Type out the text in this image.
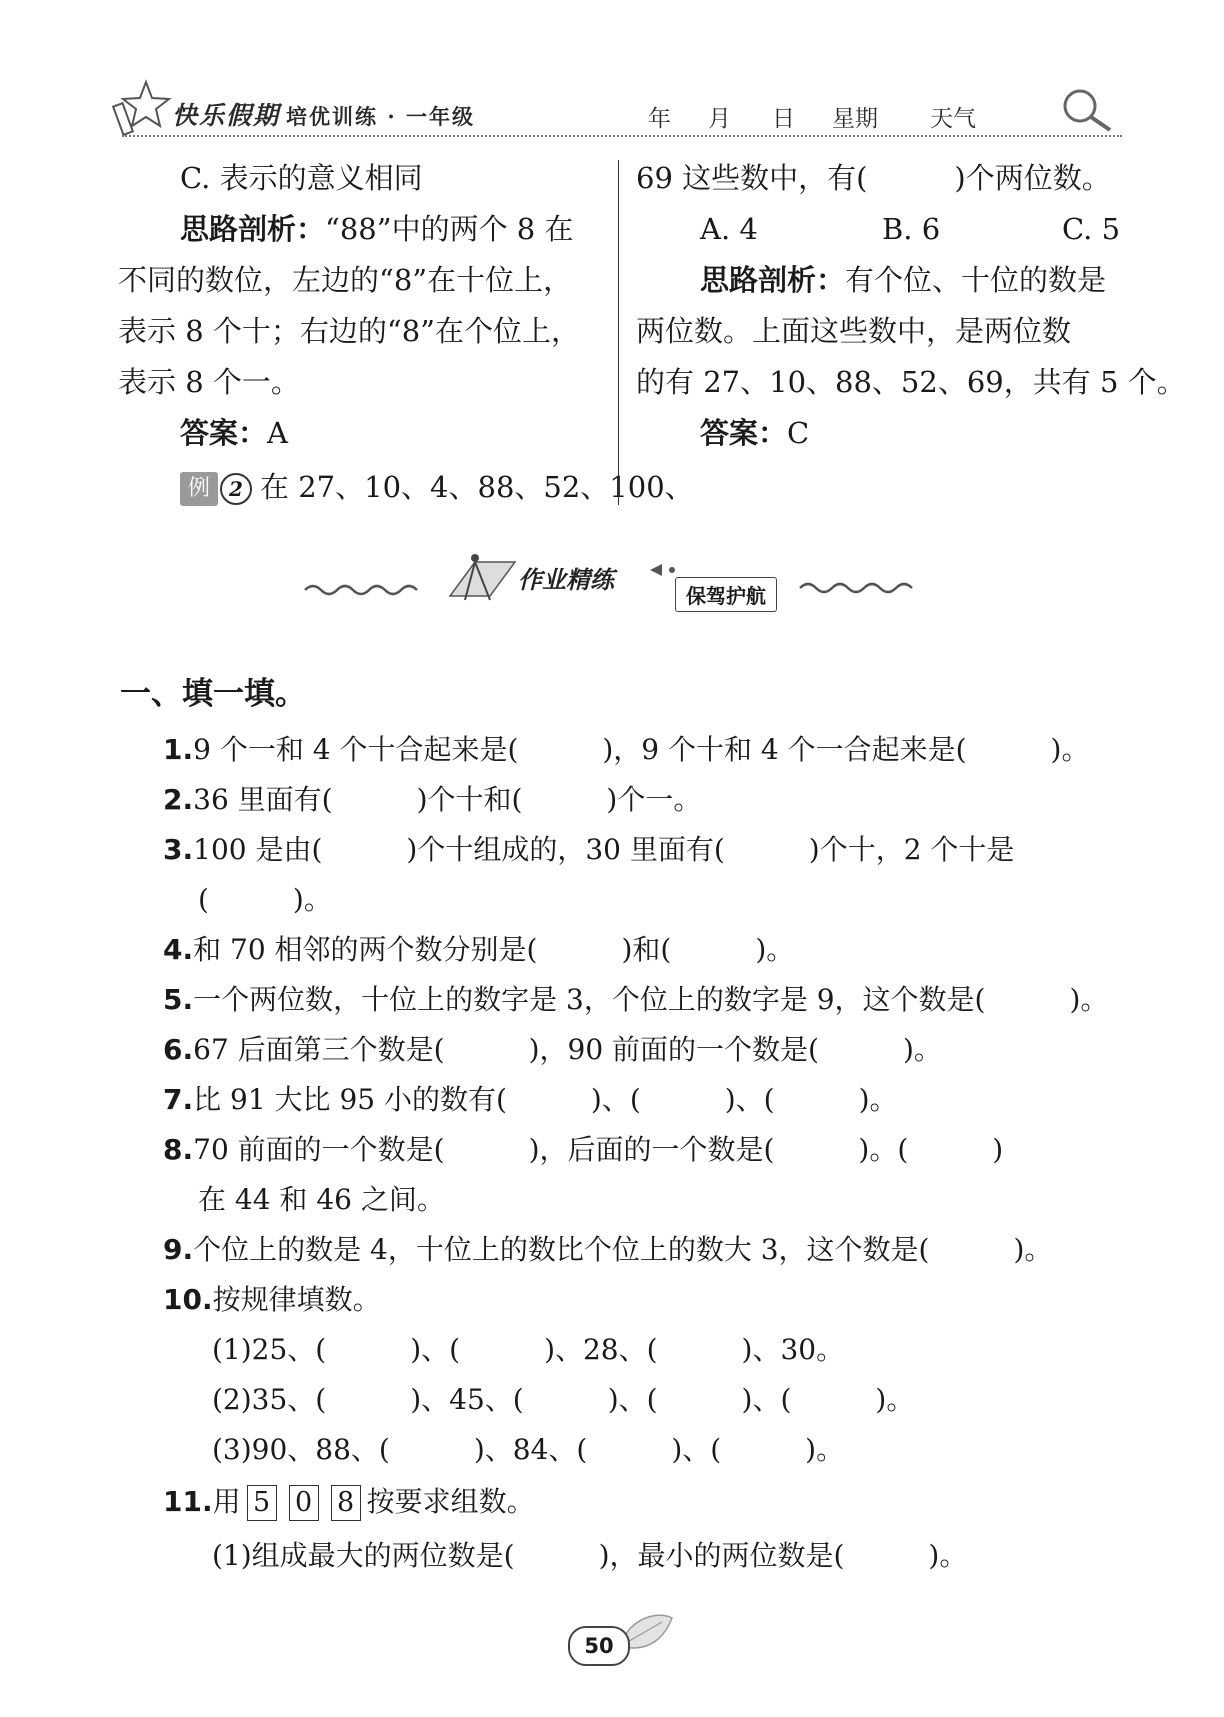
快乐假期 培优训练 · 一年级	年 月 日 星期 天气
C. 表示的意义相同
思路剖析：“88”中的两个 8 在
不同的数位，左边的“8”在十位上，
表示 8 个十；右边的“8”在个位上，
表示 8 个一。
答案：A
例 2 在 27、10、4、88、52、100、
69 这些数中，有(　　　)个两位数。
A. 4	B. 6	C. 5
思路剖析：有个位、十位的数是
两位数。上面这些数中，是两位数
的有 27、10、88、52、69，共有 5 个。
答案：C
作业精练
保驾护航
一、填一填。
1.9 个一和 4 个十合起来是(　　　)，9 个十和 4 个一合起来是(　　　)。
2.36 里面有(　　　)个十和(　　　)个一。
3.100 是由(　　　)个十组成的，30 里面有(　　　)个十，2 个十是
(　　　)。
4.和 70 相邻的两个数分别是(　　　)和(　　　)。
5.一个两位数，十位上的数字是 3，个位上的数字是 9，这个数是(　　　)。
6.67 后面第三个数是(　　　)，90 前面的一个数是(　　　)。
7.比 91 大比 95 小的数有(　　　)、(　　　)、(　　　)。
8.70 前面的一个数是(　　　)，后面的一个数是(　　　)。(　　　)
在 44 和 46 之间。
9.个位上的数是 4，十位上的数比个位上的数大 3，这个数是(　　　)。
10.按规律填数。
(1)25、(　　　)、(　　　)、28、(　　　)、30。
(2)35、(　　　)、45、(　　　)、(　　　)、(　　　)。
(3)90、88、(　　　)、84、(　　　)、(　　　)。
11.用 5 0 8 按要求组数。
(1)组成最大的两位数是(　　　)，最小的两位数是(　　　)。
50
